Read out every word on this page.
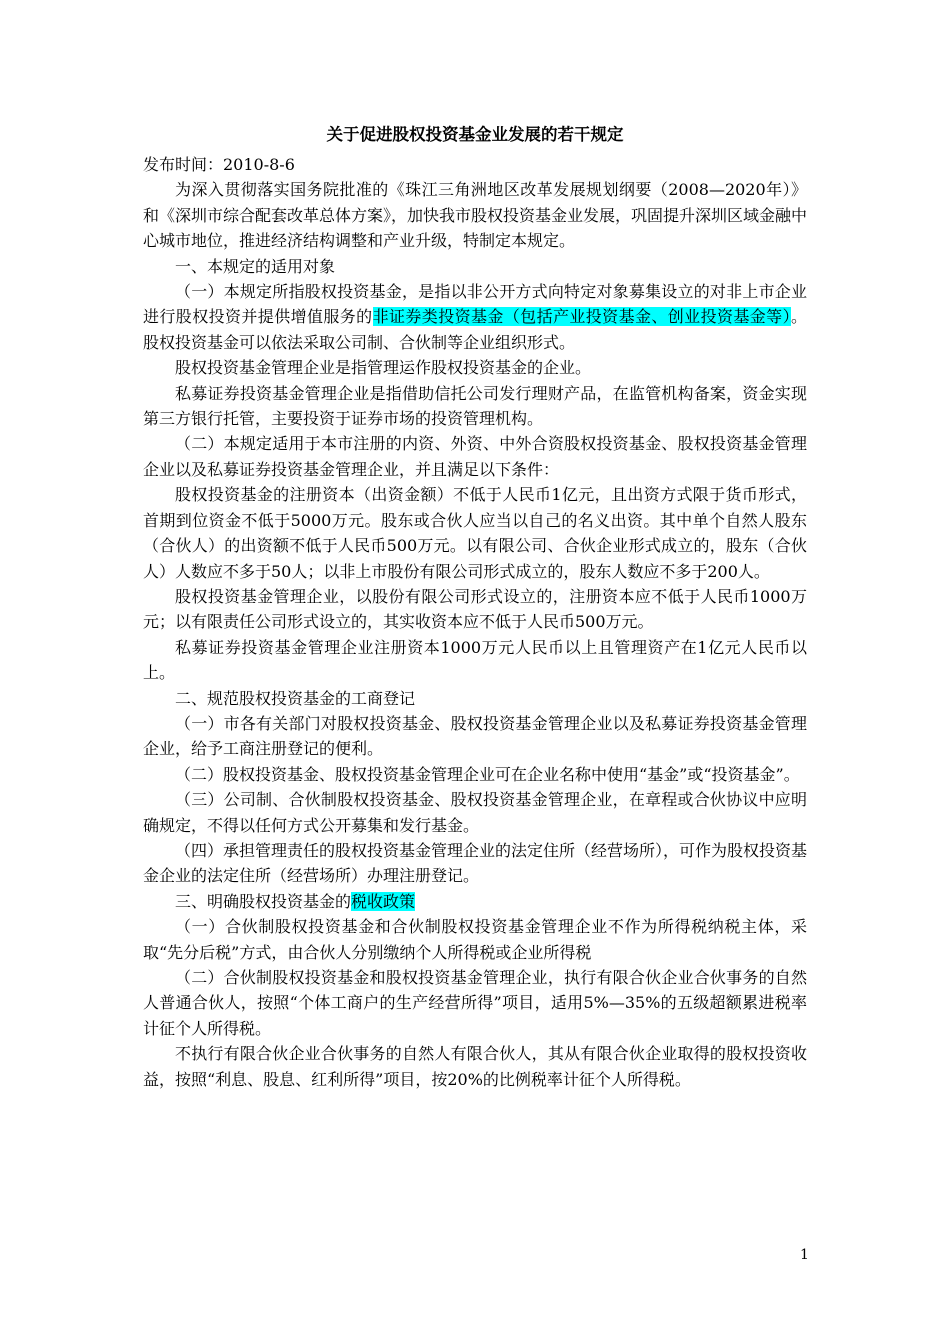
关于促进股权投资基金业发展的若干规定

发布时间：2010-8-6

为深入贯彻落实国务院批准的《珠江三角洲地区改革发展规划纲要（2008—2020年）》和《深圳市综合配套改革总体方案》，加快我市股权投资基金业发展，巩固提升深圳区域金融中心城市地位，推进经济结构调整和产业升级，特制定本规定。

一、本规定的适用对象

（一）本规定所指股权投资基金，是指以非公开方式向特定对象募集设立的对非上市企业进行股权投资并提供增值服务的非证券类投资基金（包括产业投资基金、创业投资基金等）。股权投资基金可以依法采取公司制、合伙制等企业组织形式。

股权投资基金管理企业是指管理运作股权投资基金的企业。

私募证券投资基金管理企业是指借助信托公司发行理财产品，在监管机构备案，资金实现第三方银行托管，主要投资于证券市场的投资管理机构。

（二）本规定适用于本市注册的内资、外资、中外合资股权投资基金、股权投资基金管理企业以及私募证券投资基金管理企业，并且满足以下条件：

股权投资基金的注册资本（出资金额）不低于人民币1亿元，且出资方式限于货币形式，首期到位资金不低于5000万元。股东或合伙人应当以自己的名义出资。其中单个自然人股东（合伙人）的出资额不低于人民币500万元。以有限公司、合伙企业形式成立的，股东（合伙人）人数应不多于50人；以非上市股份有限公司形式成立的，股东人数应不多于200人。

股权投资基金管理企业，以股份有限公司形式设立的，注册资本应不低于人民币1000万元；以有限责任公司形式设立的，其实收资本应不低于人民币500万元。

私募证券投资基金管理企业注册资本1000万元人民币以上且管理资产在1亿元人民币以上。

二、规范股权投资基金的工商登记

（一）市各有关部门对股权投资基金、股权投资基金管理企业以及私募证券投资基金管理企业，给予工商注册登记的便利。

（二）股权投资基金、股权投资基金管理企业可在企业名称中使用“基金”或“投资基金”。

（三）公司制、合伙制股权投资基金、股权投资基金管理企业，在章程或合伙协议中应明确规定，不得以任何方式公开募集和发行基金。

（四）承担管理责任的股权投资基金管理企业的法定住所（经营场所），可作为股权投资基金企业的法定住所（经营场所）办理注册登记。

三、明确股权投资基金的税收政策

（一）合伙制股权投资基金和合伙制股权投资基金管理企业不作为所得税纳税主体，采取“先分后税”方式，由合伙人分别缴纳个人所得税或企业所得税

（二）合伙制股权投资基金和股权投资基金管理企业，执行有限合伙企业合伙事务的自然人普通合伙人，按照“个体工商户的生产经营所得”项目，适用5%—35%的五级超额累进税率计征个人所得税。

不执行有限合伙企业合伙事务的自然人有限合伙人，其从有限合伙企业取得的股权投资收益，按照“利息、股息、红利所得”项目，按20%的比例税率计征个人所得税。

1
